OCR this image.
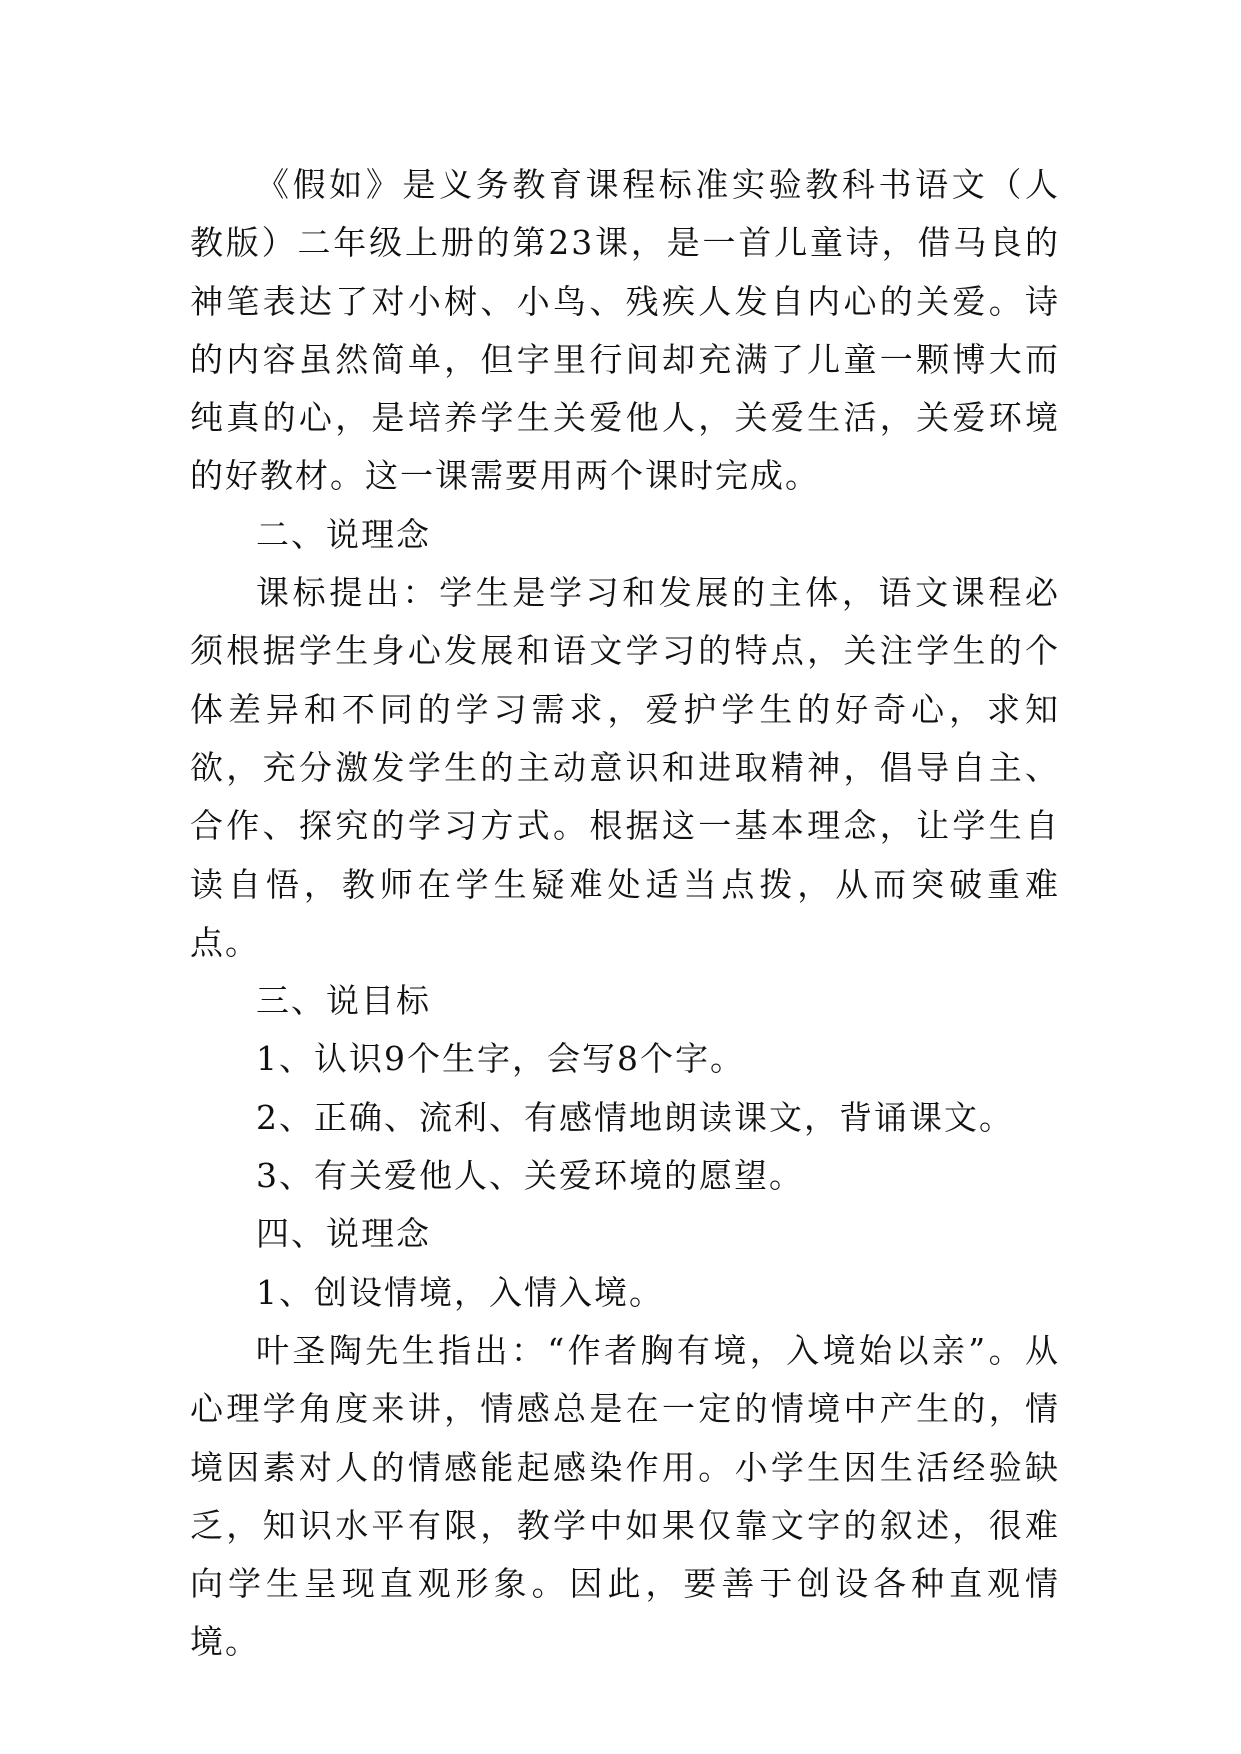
《假如》是义务教育课程标准实验教科书语文（人教版）二年级上册的第23课，是一首儿童诗，借马良的神笔表达了对小树、小鸟、残疾人发自内心的关爱。诗的内容虽然简单，但字里行间却充满了儿童一颗博大而纯真的心，是培养学生关爱他人，关爱生活，关爱环境的好教材。这一课需要用两个课时完成。

二、说理念

课标提出：学生是学习和发展的主体，语文课程必须根据学生身心发展和语文学习的特点，关注学生的个体差异和不同的学习需求，爱护学生的好奇心，求知欲，充分激发学生的主动意识和进取精神，倡导自主、合作、探究的学习方式。根据这一基本理念，让学生自读自悟，教师在学生疑难处适当点拨，从而突破重难点。

三、说目标

1、认识9个生字，会写8个字。

2、正确、流利、有感情地朗读课文，背诵课文。

3、有关爱他人、关爱环境的愿望。

四、说理念

1、创设情境，入情入境。

叶圣陶先生指出：“作者胸有境，入境始以亲”。从心理学角度来讲，情感总是在一定的情境中产生的，情境因素对人的情感能起感染作用。小学生因生活经验缺乏，知识水平有限，教学中如果仅靠文字的叙述，很难向学生呈现直观形象。因此，要善于创设各种直观情境。
